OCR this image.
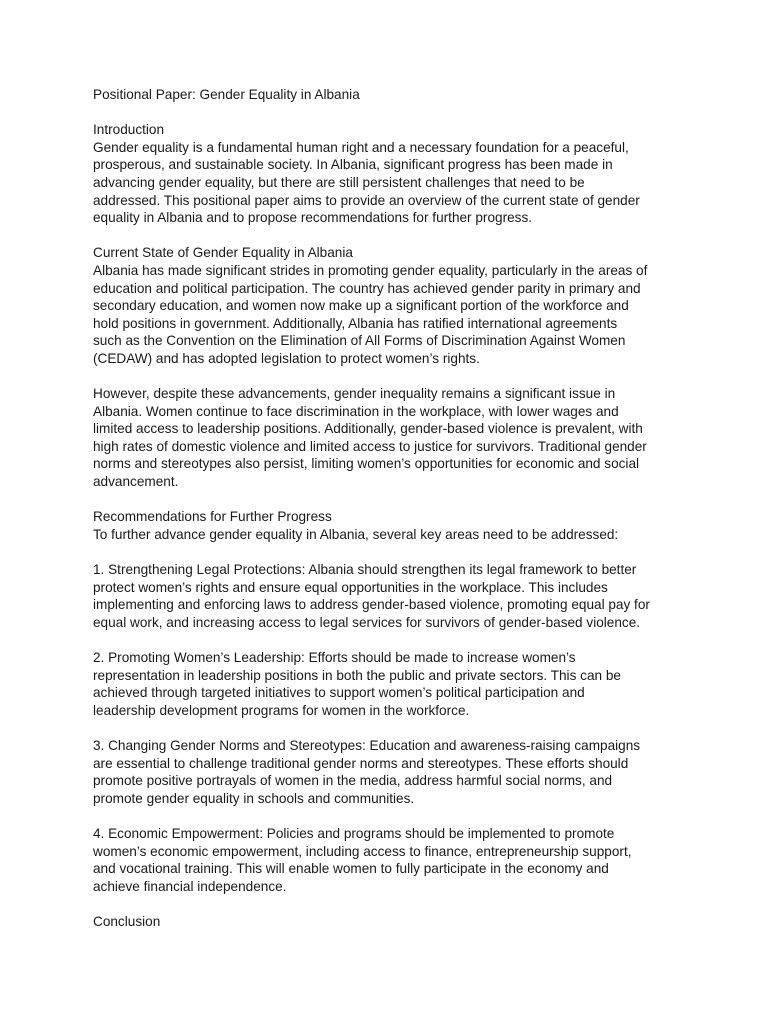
Positional Paper: Gender Equality in Albania
Introduction
Gender equality is a fundamental human right and a necessary foundation for a peaceful,
prosperous, and sustainable society. In Albania, significant progress has been made in
advancing gender equality, but there are still persistent challenges that need to be
addressed. This positional paper aims to provide an overview of the current state of gender
equality in Albania and to propose recommendations for further progress.
Current State of Gender Equality in Albania
Albania has made significant strides in promoting gender equality, particularly in the areas of
education and political participation. The country has achieved gender parity in primary and
secondary education, and women now make up a significant portion of the workforce and
hold positions in government. Additionally, Albania has ratified international agreements
such as the Convention on the Elimination of All Forms of Discrimination Against Women
(CEDAW) and has adopted legislation to protect women’s rights.
However, despite these advancements, gender inequality remains a significant issue in
Albania. Women continue to face discrimination in the workplace, with lower wages and
limited access to leadership positions. Additionally, gender-based violence is prevalent, with
high rates of domestic violence and limited access to justice for survivors. Traditional gender
norms and stereotypes also persist, limiting women’s opportunities for economic and social
advancement.
Recommendations for Further Progress
To further advance gender equality in Albania, several key areas need to be addressed:
1. Strengthening Legal Protections: Albania should strengthen its legal framework to better
protect women’s rights and ensure equal opportunities in the workplace. This includes
implementing and enforcing laws to address gender-based violence, promoting equal pay for
equal work, and increasing access to legal services for survivors of gender-based violence.
2. Promoting Women’s Leadership: Efforts should be made to increase women’s
representation in leadership positions in both the public and private sectors. This can be
achieved through targeted initiatives to support women’s political participation and
leadership development programs for women in the workforce.
3. Changing Gender Norms and Stereotypes: Education and awareness-raising campaigns
are essential to challenge traditional gender norms and stereotypes. These efforts should
promote positive portrayals of women in the media, address harmful social norms, and
promote gender equality in schools and communities.
4. Economic Empowerment: Policies and programs should be implemented to promote
women’s economic empowerment, including access to finance, entrepreneurship support,
and vocational training. This will enable women to fully participate in the economy and
achieve financial independence.
Conclusion
